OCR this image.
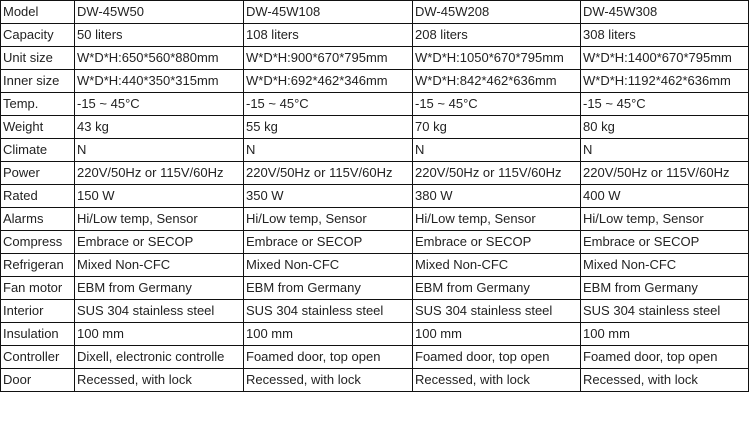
Model	DW-45W50	DW-45W108	DW-45W208	DW-45W308
Capacity	50 liters	108 liters	208 liters	308 liters
Unit size	W*D*H:650*560*880mm	W*D*H:900*670*795mm	W*D*H:1050*670*795mm	W*D*H:1400*670*795mm
Inner size	W*D*H:440*350*315mm	W*D*H:692*462*346mm	W*D*H:842*462*636mm	W*D*H:1192*462*636mm
Temp.	-15 ~ 45°C	-15 ~ 45°C	-15 ~ 45°C	-15 ~ 45°C
Weight	43 kg	55 kg	70 kg	80 kg
Climate	N	N	N	N
Power	220V/50Hz or 115V/60Hz	220V/50Hz or 115V/60Hz	220V/50Hz or 115V/60Hz	220V/50Hz or 115V/60Hz
Rated	150 W	350 W	380 W	400 W
Alarms	Hi/Low temp, Sensor	Hi/Low temp, Sensor	Hi/Low temp, Sensor	Hi/Low temp, Sensor
Compress	Embrace or SECOP	Embrace or SECOP	Embrace or SECOP	Embrace or SECOP
Refrigeran	Mixed Non-CFC	Mixed Non-CFC	Mixed Non-CFC	Mixed Non-CFC
Fan motor	EBM from Germany	EBM from Germany	EBM from Germany	EBM from Germany
Interior	SUS 304 stainless steel	SUS 304 stainless steel	SUS 304 stainless steel	SUS 304 stainless steel
Insulation	100 mm	100 mm	100 mm	100 mm
Controller	Dixell, electronic controlle	Foamed door, top open	Foamed door, top open	Foamed door, top open
Door	Recessed, with lock	Recessed, with lock	Recessed, with lock	Recessed, with lock
